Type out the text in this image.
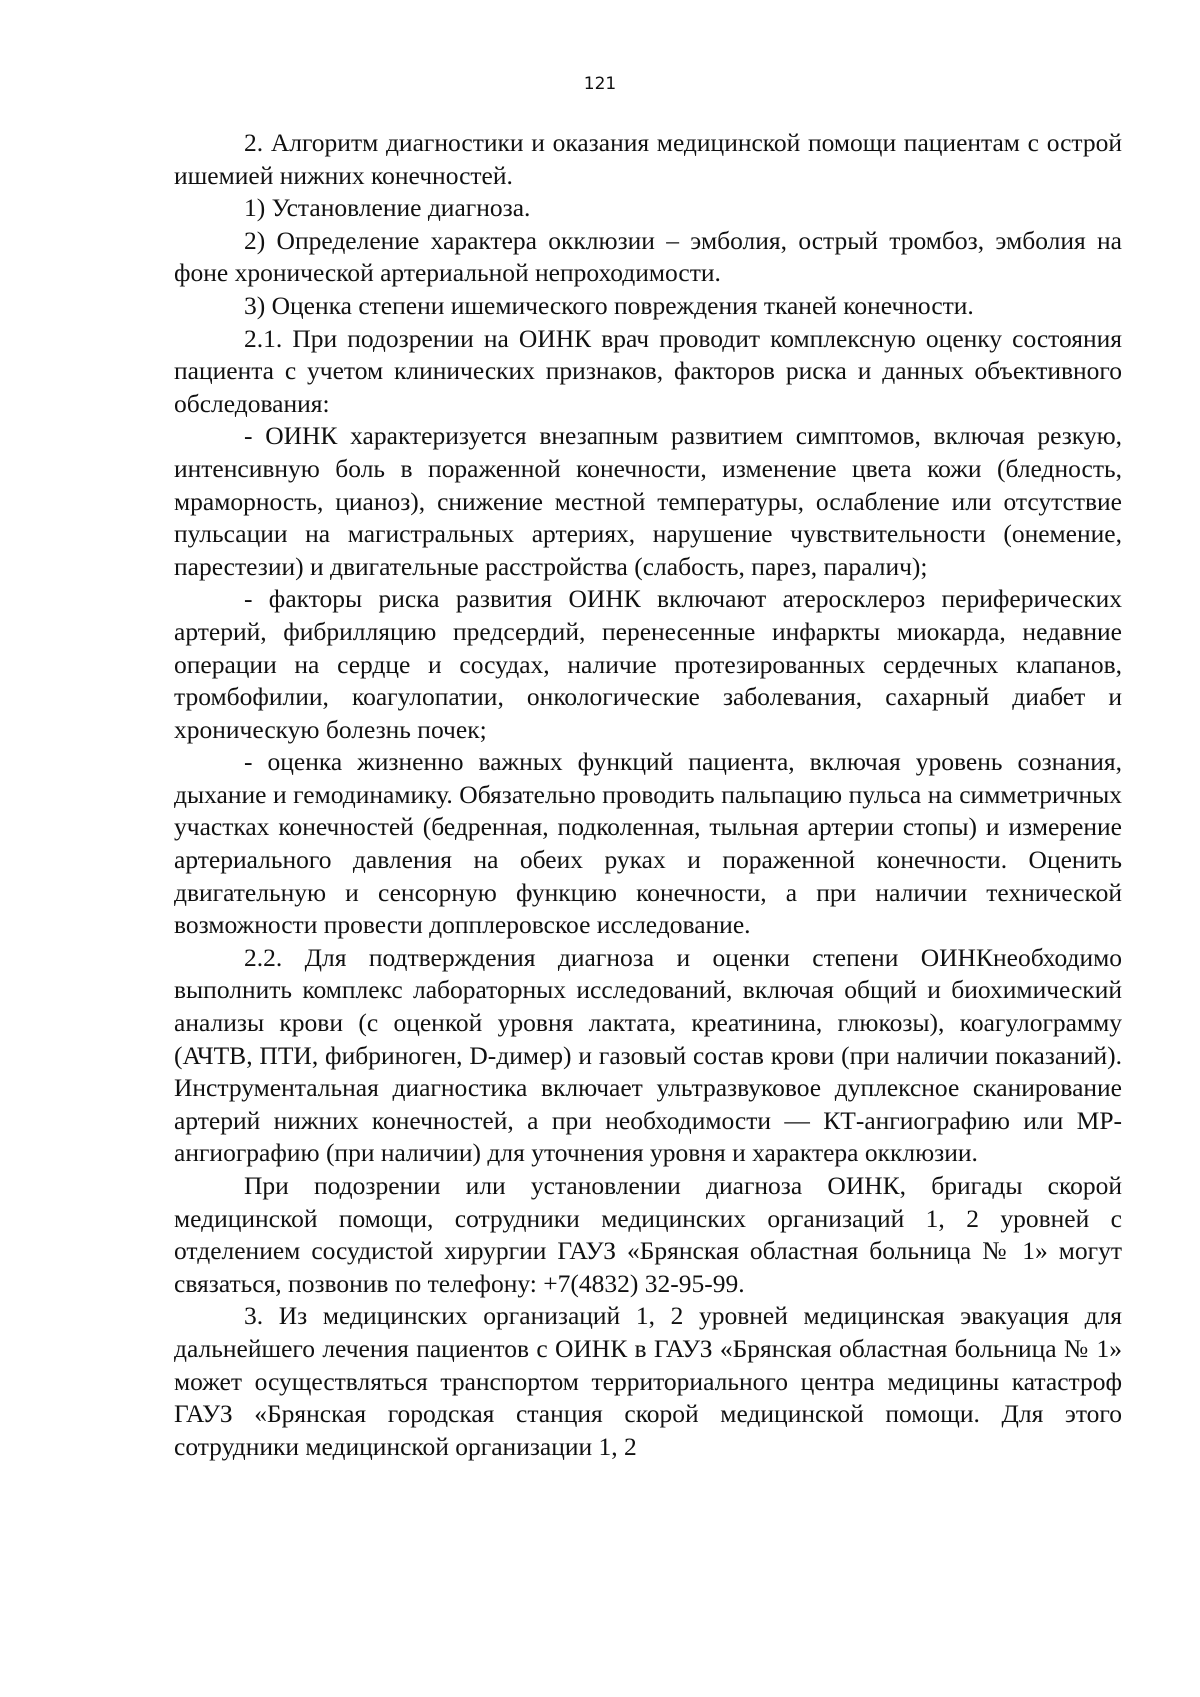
121

2. Алгоритм диагностики и оказания медицинской помощи пациентам с острой ишемией нижних конечностей.

1) Установление диагноза.

2) Определение характера окклюзии – эмболия, острый тромбоз, эмболия на фоне хронической артериальной непроходимости.

3) Оценка степени ишемического повреждения тканей конечности.

2.1. При подозрении на ОИНК врач проводит комплексную оценку состояния пациента с учетом клинических признаков, факторов риска и данных объективного обследования:

- ОИНК характеризуется внезапным развитием симптомов, включая резкую, интенсивную боль в пораженной конечности, изменение цвета кожи (бледность, мраморность, цианоз), снижение местной температуры, ослабление или отсутствие пульсации на магистральных артериях, нарушение чувствительности (онемение, парестезии) и двигательные расстройства (слабость, парез, паралич);

- факторы риска развития ОИНК включают атеросклероз периферических артерий, фибрилляцию предсердий, перенесенные инфаркты миокарда, недавние операции на сердце и сосудах, наличие протезированных сердечных клапанов, тромбофилии, коагулопатии, онкологические заболевания, сахарный диабет и хроническую болезнь почек;

- оценка жизненно важных функций пациента, включая уровень сознания, дыхание и гемодинамику. Обязательно проводить пальпацию пульса на симметричных участках конечностей (бедренная, подколенная, тыльная артерии стопы) и измерение артериального давления на обеих руках и пораженной конечности. Оценить двигательную и сенсорную функцию конечности, а при наличии технической возможности провести допплеровское исследование.

2.2. Для подтверждения диагноза и оценки степени ОИНКнеобходимо выполнить комплекс лабораторных исследований, включая общий и биохимический анализы крови (с оценкой уровня лактата, креатинина, глюкозы), коагулограмму (АЧТВ, ПТИ, фибриноген, D-димер) и газовый состав крови (при наличии показаний). Инструментальная диагностика включает ультразвуковое дуплексное сканирование артерий нижних конечностей, а при необходимости — КТ-ангиографию или МР-ангиографию (при наличии) для уточнения уровня и характера окклюзии.

При подозрении или установлении диагноза ОИНК, бригады скорой медицинской помощи, сотрудники медицинских организаций 1, 2 уровней с отделением сосудистой хирургии ГАУЗ «Брянская областная больница № 1» могут связаться, позвонив по телефону: +7(4832) 32-95-99.

3. Из медицинских организаций 1, 2 уровней медицинская эвакуация для дальнейшего лечения пациентов с ОИНК в ГАУЗ «Брянская областная больница № 1» может осуществляться транспортом территориального центра медицины катастроф ГАУЗ «Брянская городская станция скорой медицинской помощи. Для этого сотрудники медицинской организации 1, 2
